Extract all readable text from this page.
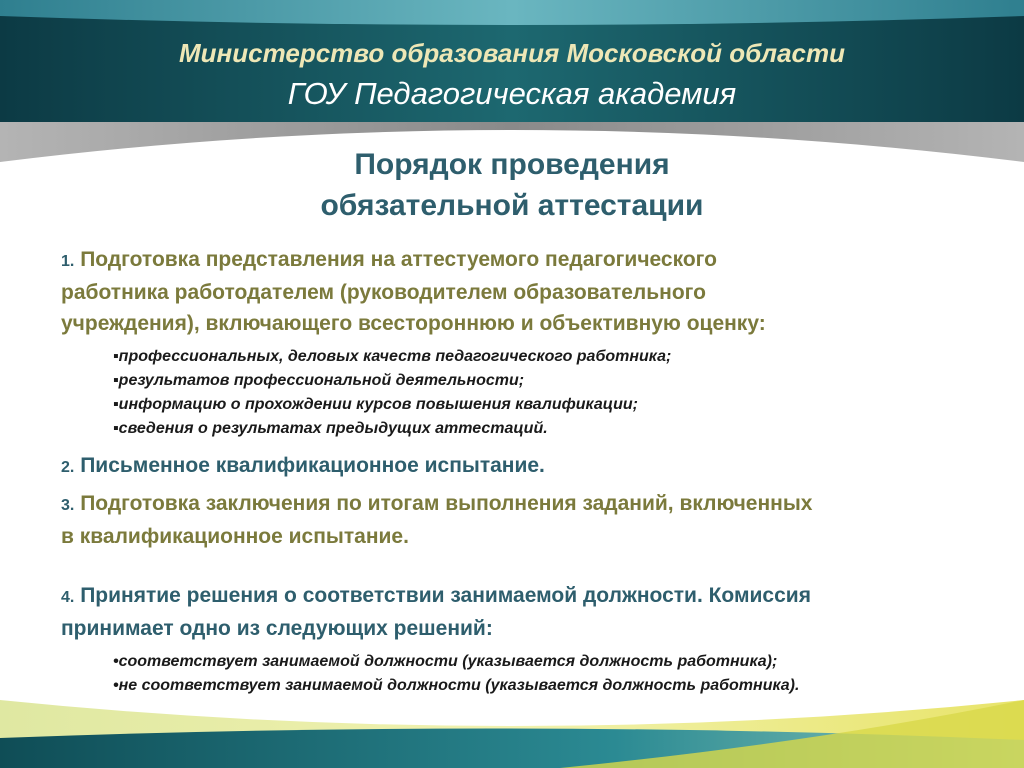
Министерство образования Московской области
ГОУ Педагогическая академия
Порядок проведения
обязательной аттестации
1. Подготовка представления на аттестуемого педагогического
работника работодателем (руководителем образовательного
учреждения), включающего всестороннюю и объективную оценку:
▪профессиональных, деловых качеств педагогического работника;
▪результатов профессиональной деятельности;
▪информацию о прохождении курсов повышения квалификации;
▪сведения о результатах предыдущих аттестаций.
2. Письменное квалификационное испытание.
3. Подготовка заключения по итогам выполнения заданий, включенных
в квалификационное испытание.
4. Принятие решения о соответствии занимаемой должности. Комиссия
принимает одно из следующих решений:
•соответствует занимаемой должности (указывается должность работника);
•не соответствует занимаемой должности (указывается должность работника).
